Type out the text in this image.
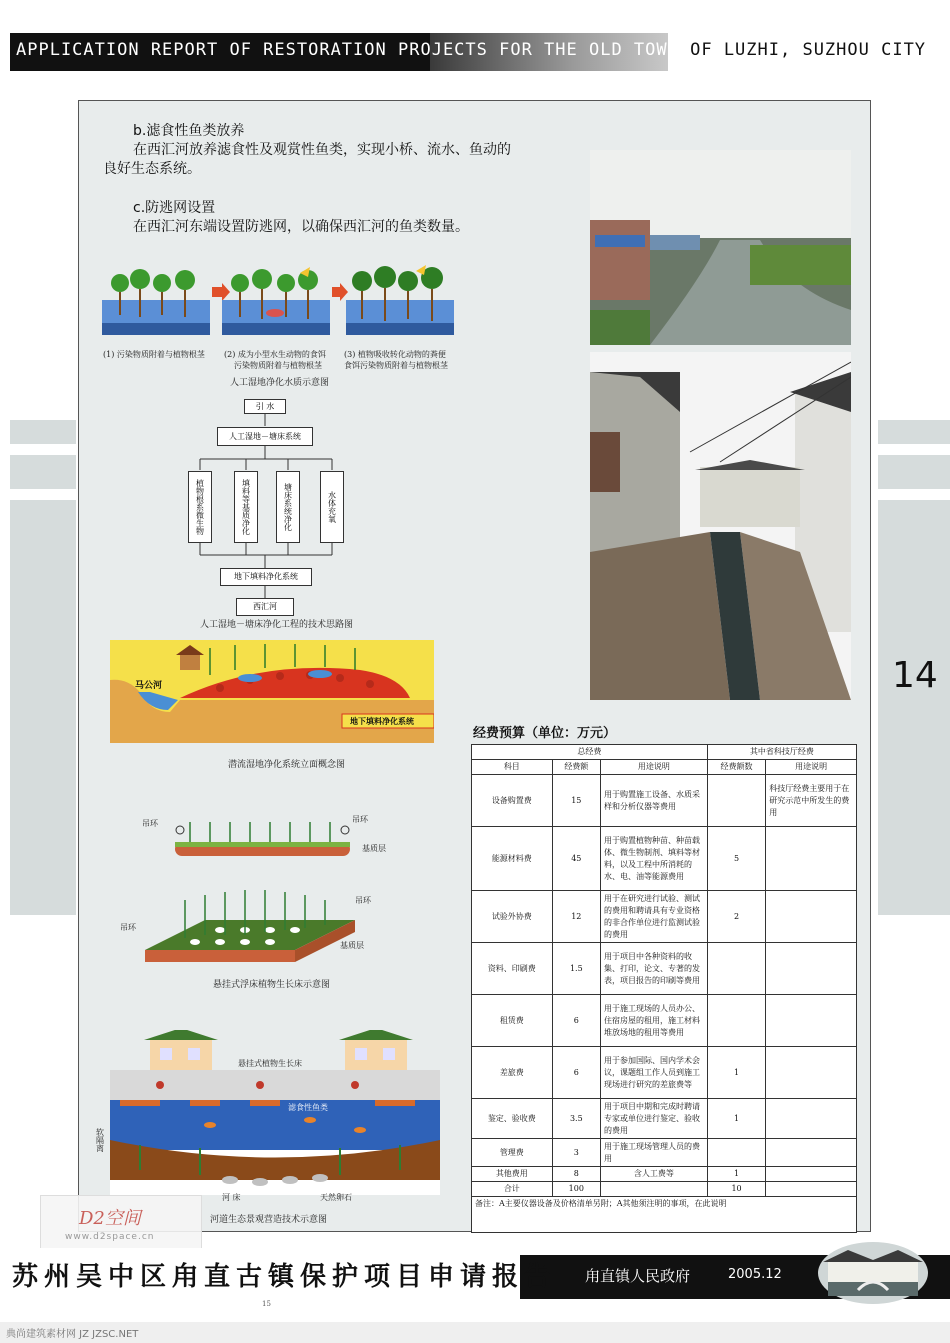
APPLICATION REPORT OF RESTORATION PROJECTS FOR THE OLD TOWN OF LUZHI, SUZHOU CITY
14
b.滤食性鱼类放养
在西汇河放养滤食性及观赏性鱼类，实现小桥、流水、鱼动的
良好生态系统。
c.防逃网设置
在西汇河东端设置防逃网，以确保西汇河的鱼类数量。
(1) 污染物质附着与植物根茎 (2) 成为小型水生动物的食饵
污染物质附着与植物根茎
(3) 植物吸收转化动物的粪便
食饵污染物质附着与植物根茎
人工湿地净化水质示意图
引 水
人工湿地－塘床系统
植物根系微生物	填料等基质净化	塘床系统净化	水体充氧
地下填料净化系统
西汇河
人工湿地－塘床净化工程的技术思路图
马公河
地下填料净化系统
潜流湿地净化系统立面概念图
吊环	吊环
基质层
吊环
吊环
基质层
悬挂式浮床植物生长床示意图
悬挂式植物生长床
滤食性鱼类
软隔离
河 床	天然卵石
河道生态景观营造技术示意图
经费预算（单位：万元）
总经费			其中省科技厅经费	
科目	经费额	用途说明	经费额数	用途说明
设备购置费	15	用于购置施工设备、水质采样和分析仪器等费用		科技厅经费主要用于在研究示范中所发生的费用
能源材料费	45	用于购置植物种苗、种苗载体、微生物制剂、填料等材料，以及工程中所消耗的水、电、油等能源费用	5	
试验外协费	12	用于在研究进行试验、测试的费用和聘请具有专业资格的非合作单位进行监测试验的费用	2	
资料、印刷费	1.5	用于项目中各种资料的收集、打印，论文、专著的发表，项目报告的印刷等费用		
租赁费	6	用于施工现场的人员办公、住宿房屋的租用，施工材料堆放场地的租用等费用		
差旅费	6	用于参加国际、国内学术会议，课题组工作人员到施工现场进行研究的差旅费等	1	
鉴定、验收费	3.5	用于项目中期和完成时聘请专家或单位进行鉴定、验收的费用	1	
管理费	3	用于施工现场管理人员的费用		
其他费用	8	含人工费等	1	
合计	100		10	
备注：A主要仪器设备及价格清单另附；A其他须注明的事项，在此说明				
D2空间
www.d2space.cn
苏州吴中区甪直古镇保护项目申请报告 甪直镇人民政府	2005.12
15
典尚建筑素材网 JZ JZSC.NET
